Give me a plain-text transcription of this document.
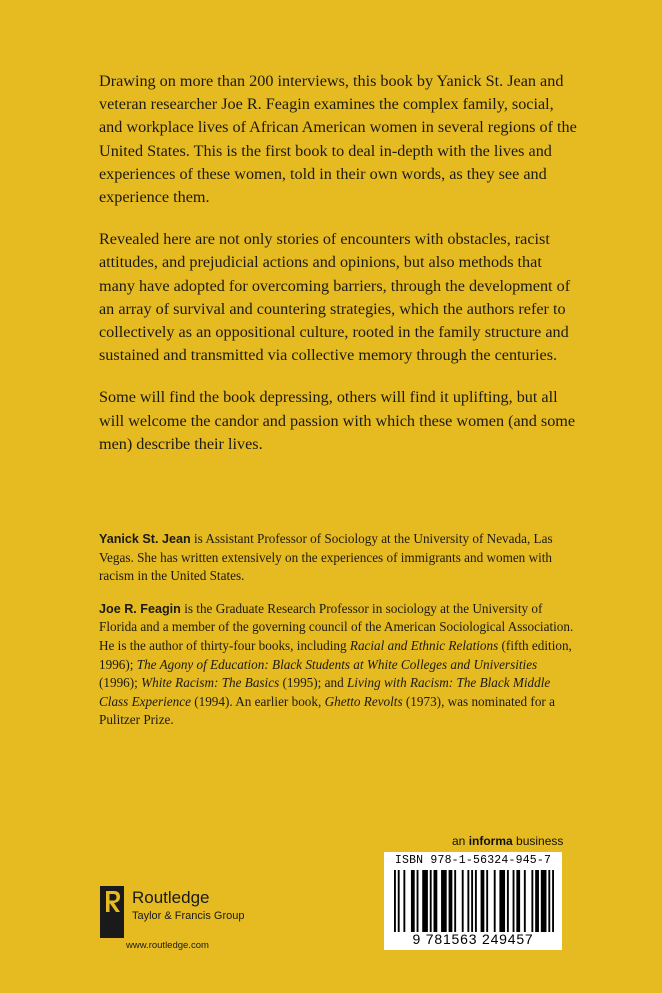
Drawing on more than 200 interviews, this book by Yanick St. Jean and veteran researcher Joe R. Feagin examines the complex family, social, and workplace lives of African American women in several regions of the United States. This is the first book to deal in-depth with the lives and experiences of these women, told in their own words, as they see and experience them.

Revealed here are not only stories of encounters with obstacles, racist attitudes, and prejudicial actions and opinions, but also methods that many have adopted for overcoming barriers, through the development of an array of survival and countering strategies, which the authors refer to collectively as an oppositional culture, rooted in the family structure and sustained and transmitted via collective memory through the centuries.

Some will find the book depressing, others will find it uplifting, but all will welcome the candor and passion with which these women (and some men) describe their lives.

Yanick St. Jean is Assistant Professor of Sociology at the University of Nevada, Las Vegas. She has written extensively on the experiences of immigrants and women with racism in the United States.

Joe R. Feagin is the Graduate Research Professor in sociology at the University of Florida and a member of the governing council of the American Sociological Association. He is the author of thirty-four books, including Racial and Ethnic Relations (fifth edition, 1996); The Agony of Education: Black Students at White Colleges and Universities (1996); White Racism: The Basics (1995); and Living with Racism: The Black Middle Class Experience (1994). An earlier book, Ghetto Revolts (1973), was nominated for a Pulitzer Prize.

an informa business
ISBN 978-1-56324-945-7
9 781563 249457
Routledge
Taylor & Francis Group
www.routledge.com
